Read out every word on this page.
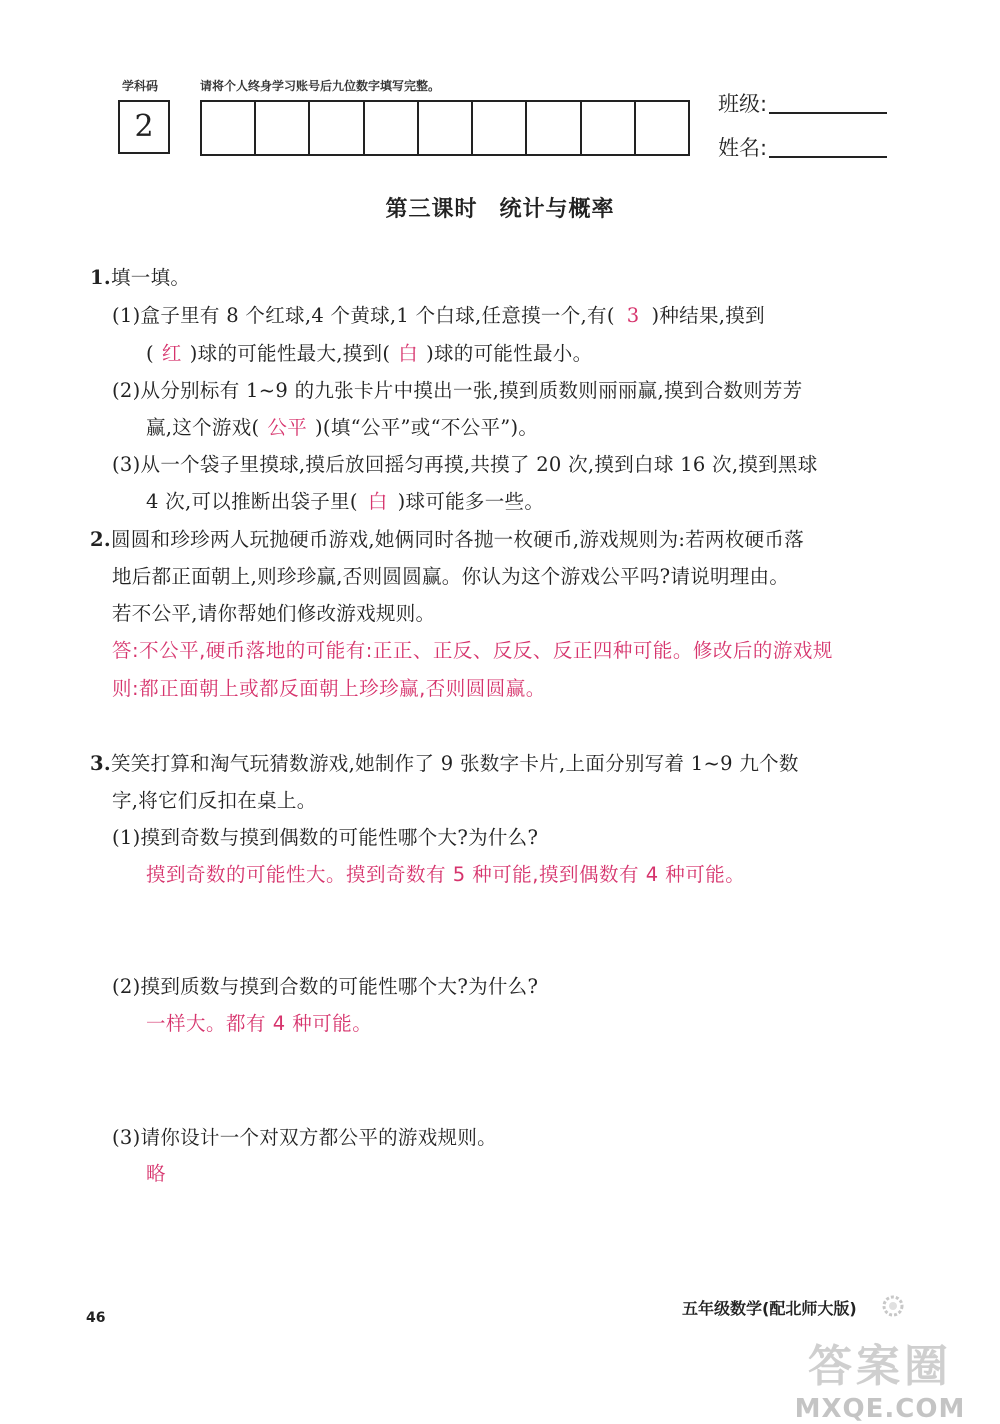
学科码	请将个人终身学习账号后九位数字填写完整。
2
班级:
姓名:
第三课时 统计与概率
1.填一填。
(1)盒子里有 8 个红球,4 个黄球,1 个白球,任意摸一个,有( 3 )种结果,摸到
( 红 )球的可能性最大,摸到( 白 )球的可能性最小。
(2)从分别标有 1~9 的九张卡片中摸出一张,摸到质数则丽丽赢,摸到合数则芳芳
赢,这个游戏( 公平 )(填“公平”或“不公平”)。
(3)从一个袋子里摸球,摸后放回摇匀再摸,共摸了 20 次,摸到白球 16 次,摸到黑球
4 次,可以推断出袋子里( 白 )球可能多一些。
2.圆圆和珍珍两人玩抛硬币游戏,她俩同时各抛一枚硬币,游戏规则为:若两枚硬币落
地后都正面朝上,则珍珍赢,否则圆圆赢。你认为这个游戏公平吗?请说明理由。
若不公平,请你帮她们修改游戏规则。
答:不公平,硬币落地的可能有:正正、正反、反反、反正四种可能。修改后的游戏规
则:都正面朝上或都反面朝上珍珍赢,否则圆圆赢。
3.笑笑打算和淘气玩猜数游戏,她制作了 9 张数字卡片,上面分别写着 1~9 九个数
字,将它们反扣在桌上。
(1)摸到奇数与摸到偶数的可能性哪个大?为什么?
摸到奇数的可能性大。摸到奇数有 5 种可能,摸到偶数有 4 种可能。
(2)摸到质数与摸到合数的可能性哪个大?为什么?
一样大。都有 4 种可能。
(3)请你设计一个对双方都公平的游戏规则。
略
46	五年级数学(配北师大版)
答案圈
MXQE.COM
